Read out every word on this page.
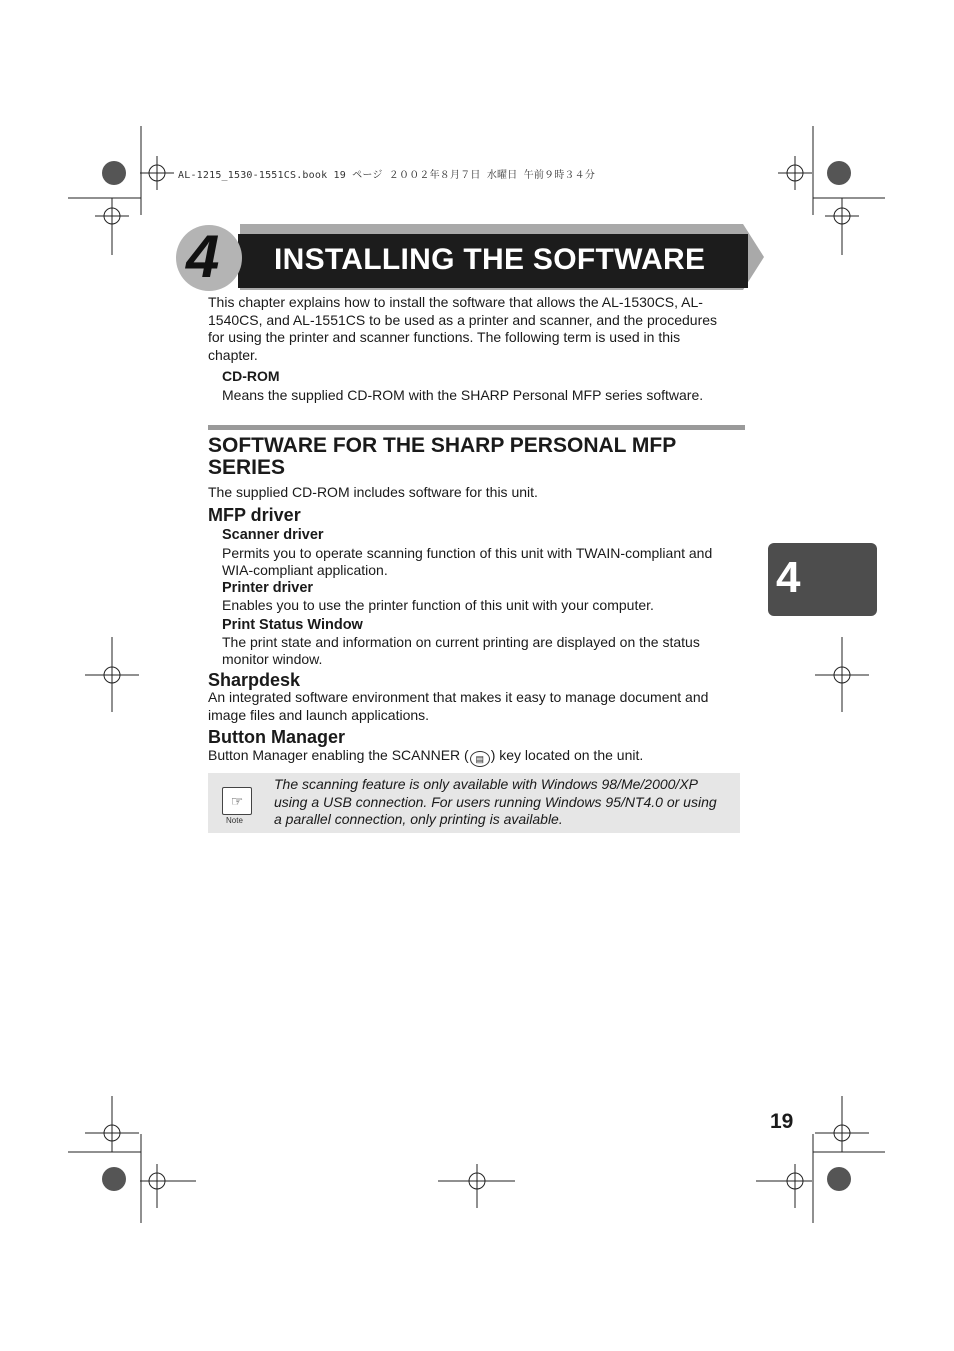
AL-1215_1530-1551CS.book 19 ページ ２００２年８月７日 水曜日 午前９時３４分
4 INSTALLING THE SOFTWARE
This chapter explains how to install the software that allows the AL-1530CS, AL-
1540CS, and AL-1551CS to be used as a printer and scanner, and the procedures
for using the printer and scanner functions. The following term is used in this
chapter.
CD-ROM
Means the supplied CD-ROM with the SHARP Personal MFP series software.
SOFTWARE FOR THE SHARP PERSONAL MFP
SERIES
The supplied CD-ROM includes software for this unit.
MFP driver
Scanner driver
Permits you to operate scanning function of this unit with TWAIN-compliant and
WIA-compliant application.
Printer driver
Enables you to use the printer function of this unit with your computer.
Print Status Window
The print state and information on current printing are displayed on the status
monitor window.
Sharpdesk
An integrated software environment that makes it easy to manage document and
image files and launch applications.
Button Manager
Button Manager enabling the SCANNER ( ▤ ) key located on the unit.
☞
Note
The scanning feature is only available with Windows 98/Me/2000/XP
using a USB connection. For users running Windows 95/NT4.0 or using
a parallel connection, only printing is available.
4
19
